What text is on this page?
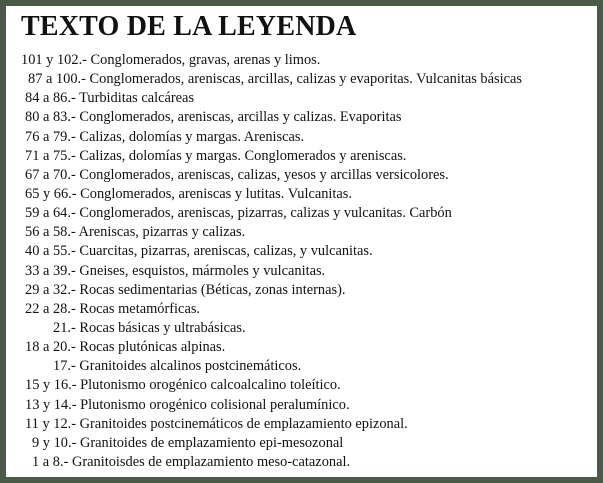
TEXTO DE LA LEYENDA
101 y 102.- Conglomerados, gravas, arenas y limos.
87 a 100.- Conglomerados, areniscas, arcillas, calizas y evaporitas. Vulcanitas básicas
84 a 86.- Turbiditas calcáreas
80 a 83.- Conglomerados, areniscas, arcillas y calizas. Evaporitas
76 a 79.- Calizas, dolomías y margas. Areniscas.
71 a 75.- Calizas, dolomías y margas. Conglomerados y areniscas.
67 a 70.- Conglomerados, areniscas, calizas, yesos y arcillas versicolores.
65 y 66.- Conglomerados, areniscas y lutitas. Vulcanitas.
59 a 64.- Conglomerados, areniscas, pizarras, calizas y vulcanitas. Carbón
56 a 58.- Areniscas, pizarras y calizas.
40 a 55.- Cuarcitas, pizarras, areniscas, calizas, y vulcanitas.
33 a 39.- Gneises, esquistos, mármoles y vulcanitas.
29 a 32.- Rocas sedimentarias (Béticas, zonas internas).
22 a 28.- Rocas metamórficas.
21.- Rocas básicas y ultrabásicas.
18 a 20.- Rocas plutónicas alpinas.
17.- Granitoides alcalinos postcinemáticos.
15 y 16.- Plutonismo orogénico calcoalcalino toleítico.
13 y 14.- Plutonismo orogénico colisional peralumínico.
11 y 12.- Granitoides postcinemáticos de emplazamiento epizonal.
9 y 10.- Granitoides de emplazamiento epi-mesozonal
1 a 8.- Granitoisdes de emplazamiento meso-catazonal.
